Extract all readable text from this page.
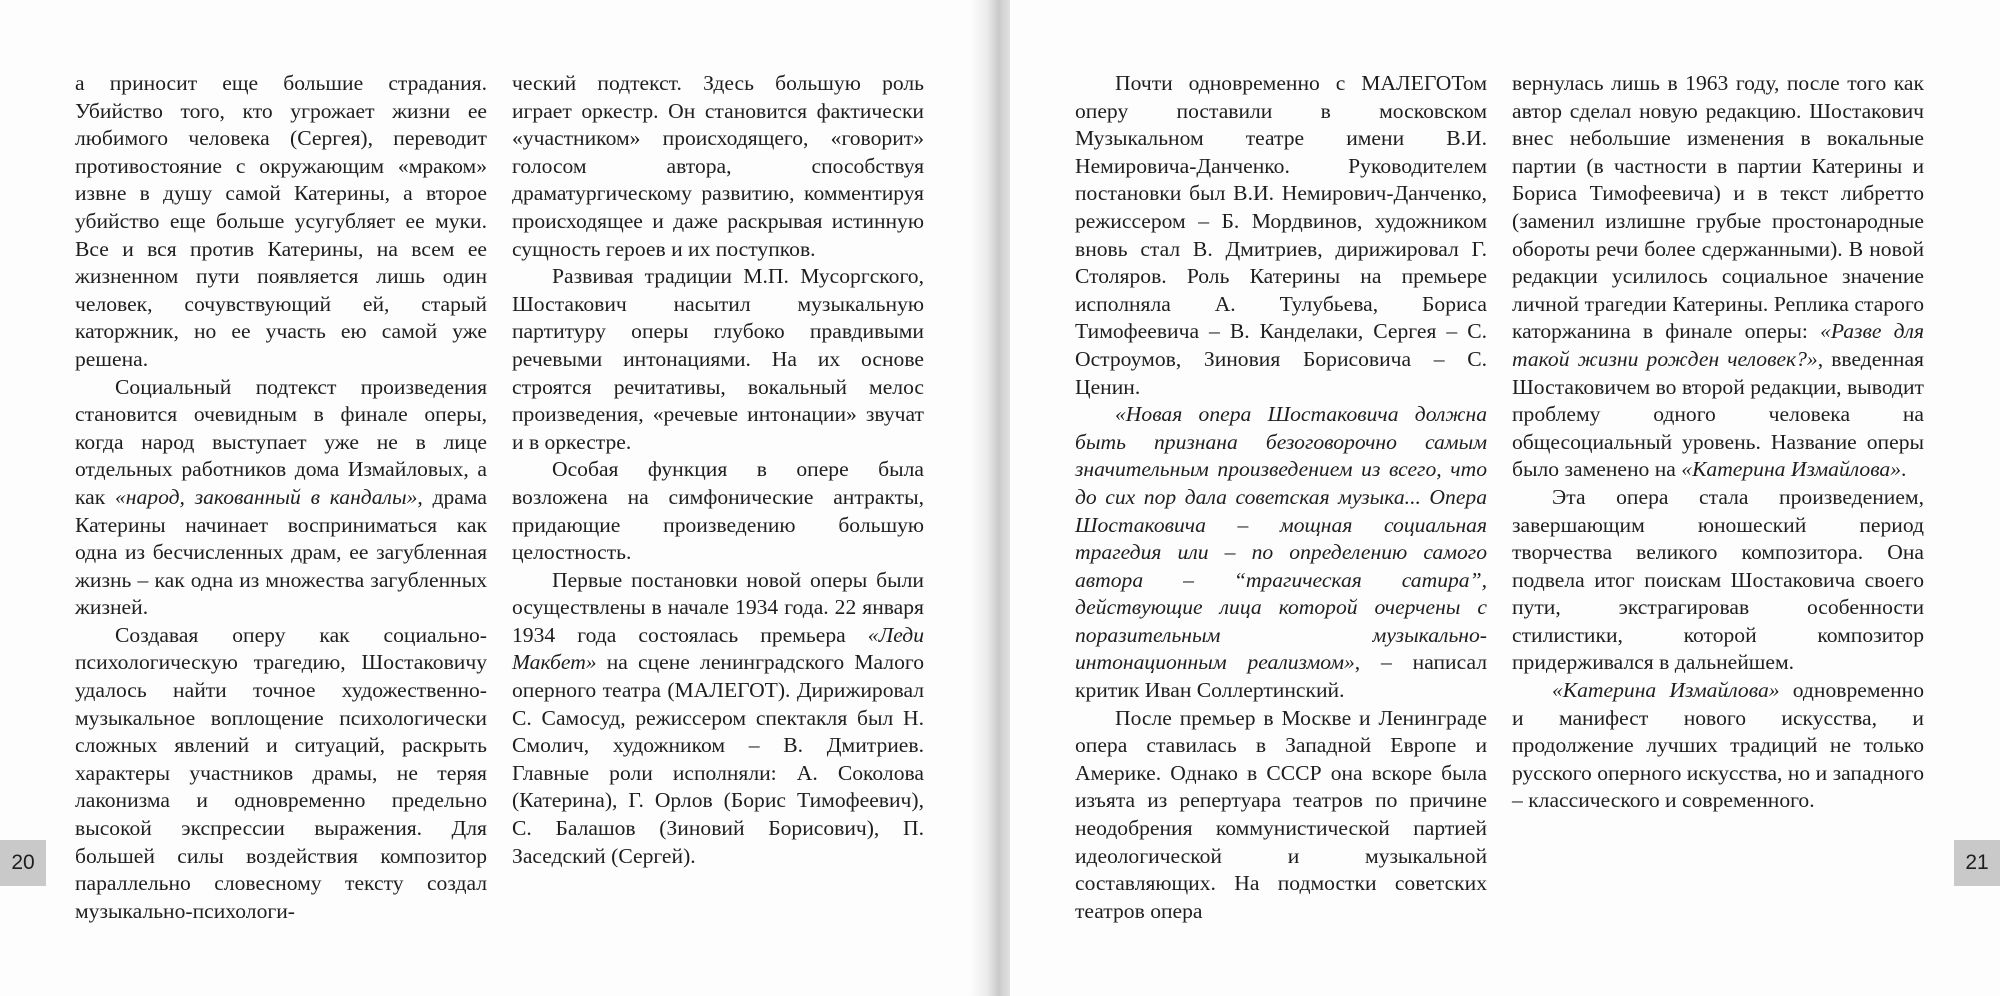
а приносит еще большие страдания. Убийство того, кто угрожает жизни ее любимого человека (Сергея), переводит противостояние с окружающим «мраком» извне в душу самой Катерины, а второе убийство еще больше усугубляет ее муки. Все и вся против Катерины, на всем ее жизненном пути появляется лишь один человек, сочувствующий ей, старый каторжник, но ее участь ею самой уже решена.

Социальный подтекст произведения становится очевидным в финале оперы, когда народ выступает уже не в лице отдельных работников дома Измайловых, а как «народ, закованный в кандалы», драма Катерины начинает восприниматься как одна из бесчисленных драм, ее загубленная жизнь – как одна из множества загубленных жизней.

Создавая оперу как социально-психологическую трагедию, Шостаковичу удалось найти точное художественно-музыкальное воплощение психологически сложных явлений и ситуаций, раскрыть характеры участников драмы, не теряя лаконизма и одновременно предельно высокой экспрессии выражения. Для большей силы воздействия композитор параллельно словесному тексту создал музыкально-психологи-

ческий подтекст. Здесь большую роль играет оркестр. Он становится фактически «участником» происходящего, «говорит» голосом автора, способствуя драматургическому развитию, комментируя происходящее и даже раскрывая истинную сущность героев и их поступков.

Развивая традиции М.П. Мусоргского, Шостакович насытил музыкальную партитуру оперы глубоко правдивыми речевыми интонациями. На их основе строятся речитативы, вокальный мелос произведения, «речевые интонации» звучат и в оркестре.

Особая функция в опере была возложена на симфонические антракты, придающие произведению большую целостность.

Первые постановки новой оперы были осуществлены в начале 1934 года. 22 января 1934 года состоялась премьера «Леди Макбет» на сцене ленинградского Малого оперного театра (МАЛЕГОТ). Дирижировал С. Самосуд, режиссером спектакля был Н. Смолич, художником – В. Дмитриев. Главные роли исполняли: А. Соколова (Катерина), Г. Орлов (Борис Тимофеевич), С. Балашов (Зиновий Борисович), П. Заседский (Сергей).

20

Почти одновременно с МАЛЕГОТом оперу поставили в московском Музыкальном театре имени В.И. Немировича-Данченко. Руководителем постановки был В.И. Немирович-Данченко, режиссером – Б. Мордвинов, художником вновь стал В. Дмитриев, дирижировал Г. Столяров. Роль Катерины на премьере исполняла А. Тулубьева, Бориса Тимофеевича – В. Канделаки, Сергея – С. Остроумов, Зиновия Борисовича – С. Ценин.

«Новая опера Шостаковича должна быть признана безоговорочно самым значительным произведением из всего, что до сих пор дала советская музыка... Опера Шостаковича – мощная социальная трагедия или – по определению самого автора – “трагическая сатира”, действующие лица которой очерчены с поразительным музыкально-интонационным реализмом», – написал критик Иван Соллертинский.

После премьер в Москве и Ленинграде опера ставилась в Западной Европе и Америке. Однако в СССР она вскоре была изъята из репертуара театров по причине неодобрения коммунистической партией идеологической и музыкальной составляющих. На подмостки советских театров опера

вернулась лишь в 1963 году, после того как автор сделал новую редакцию. Шостакович внес небольшие изменения в вокальные партии (в частности в партии Катерины и Бориса Тимофеевича) и в текст либретто (заменил излишне грубые простонародные обороты речи более сдержанными). В новой редакции усилилось социальное значение личной трагедии Катерины. Реплика старого каторжанина в финале оперы: «Разве для такой жизни рожден человек?», введенная Шостаковичем во второй редакции, выводит проблему одного человека на общесоциальный уровень. Название оперы было заменено на «Катерина Измайлова».

Эта опера стала произведением, завершающим юношеский период творчества великого композитора. Она подвела итог поискам Шостаковича своего пути, экстрагировав особенности стилистики, которой композитор придерживался в дальнейшем.

«Катерина Измайлова» одновременно и манифест нового искусства, и продолжение лучших традиций не только русского оперного искусства, но и западного – классического и современного.

21
